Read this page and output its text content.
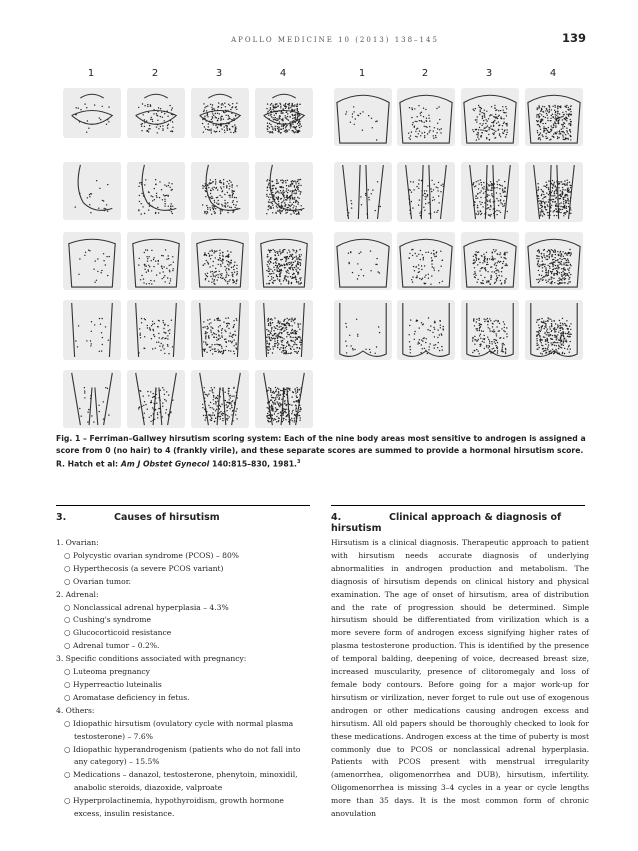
APOLLO MEDICINE 10 (2013) 138–145	139
1	2	3	4	1	2	3	4
Fig. 1 – Ferriman–Gallwey hirsutism scoring system: Each of the nine body areas most sensitive to androgen is assigned a
score from 0 (no hair) to 4 (frankly virile), and these separate scores are summed to provide a hormonal hirsutism score.
R. Hatch et al: Am J Obstet Gynecol 140:815–830, 1981.$^3$
3.	Causes of hirsutism	4.	Clinical approach & diagnosis of hirsutism
1. Ovarian:
○ Polycystic ovarian syndrome (PCOS) – 80%
○ Hyperthecosis (a severe PCOS variant)
○ Ovarian tumor.
2. Adrenal:
○ Nonclassical adrenal hyperplasia – 4.3%
○ Cushing's syndrome
○ Glucocorticoid resistance
○ Adrenal tumor – 0.2%.
3. Specific conditions associated with pregnancy:
○ Luteoma pregnancy
○ Hyperreactio luteinalis
○ Aromatase deficiency in fetus.
4. Others:
○ Idiopathic hirsutism (ovulatory cycle with normal plasma testosterone) – 7.6%
○ Idiopathic hyperandrogenism (patients who do not fall into any category) – 15.5%
○ Medications – danazol, testosterone, phenytoin, minoxidil, anabolic steroids, diazoxide, valproate
○ Hyperprolactinemia, hypothyroidism, growth hormone excess, insulin resistance.
Hirsutism is a clinical diagnosis. Therapeutic approach to patient with hirsutism needs accurate diagnosis of underlying abnormalities in androgen production and metabolism. The diagnosis of hirsutism depends on clinical history and physical examination. The age of onset of hirsutism, area of distribution and the rate of progression should be determined. Simple hirsutism should be differentiated from virilization which is a more severe form of androgen excess signifying higher rates of plasma testosterone production. This is identified by the presence of temporal balding, deepening of voice, decreased breast size, increased muscularity, presence of clitoromegaly and loss of female body contours. Before going for a major work-up for hirsutism or virilization, never forget to rule out use of exogenous androgen or other medications causing androgen excess and hirsutism. All old papers should be thoroughly checked to look for these medications. Androgen excess at the time of puberty is most commonly due to PCOS or nonclassical adrenal hyperplasia. Patients with PCOS present with menstrual irregularity (amenorrhea, oligomenorrhea and DUB), hirsutism, infertility. Oligomenorrhea is missing 3–4 cycles in a year or cycle lengths more than 35 days. It is the most common form of chronic anovulation
